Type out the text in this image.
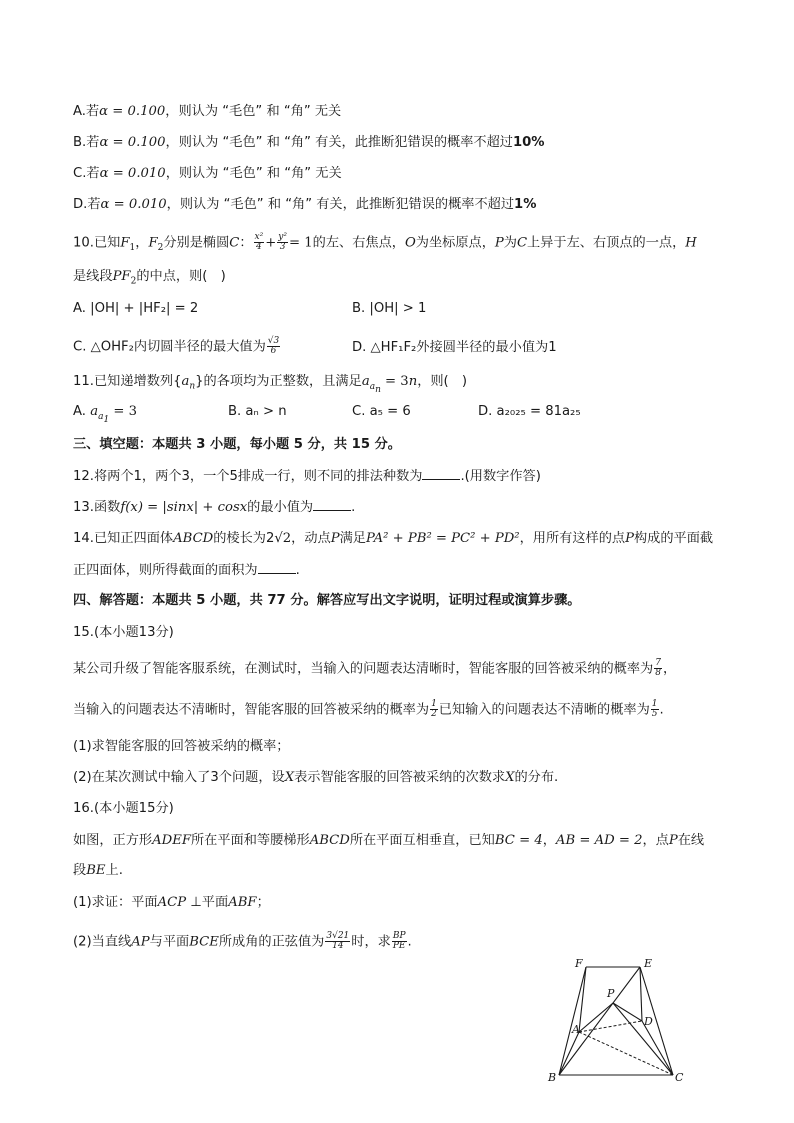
A.若α = 0.100，则认为 “毛色” 和 “角” 无关
B.若α = 0.100，则认为 “毛色” 和 “角” 有关，此推断犯错误的概率不超过10%
C.若α = 0.010，则认为 “毛色” 和 “角” 无关
D.若α = 0.010，则认为 “毛色” 和 “角” 有关，此推断犯错误的概率不超过1%
10.已知$F_1$，$F_2$分别是椭圆C： $\frac{\text{x²}}{4} + \frac{\text{y²}}{3} = 1$的左、右焦点，O为坐标原点，P为C上异于左、右顶点的一点，H
是线段$PF_2$的中点，则(　)
A. |OH| + |HF₂| = 2	B. |OH| > 1
C. △OHF₂内切圆半径的最大值为 $\frac{√3}{6}$	D. △HF₁F₂外接圆半径的最小值为1
11.已知递增数列$\{a_n\}$的各项均为正整数，且满足$a_{a_n} = 3n$，则(　)
A. $a_{a_1} = 3$	B. aₙ > n	C. a₅ = 6	D. a₂₀₂₅ = 81a₂₅
三、填空题：本题共 3 小题，每小题 5 分，共 15 分。
12.将两个1，两个3，一个5排成一行，则不同的排法种数为	.(用数字作答)
13.函数f(x) = |sinx| + cosx的最小值为	.
14.已知正四面体ABCD的棱长为2√2，动点P满足PA² + PB² = PC² + PD²，用所有这样的点P构成的平面截
正四面体，则所得截面的面积为	.
四、解答题：本题共 5 小题，共 77 分。解答应写出文字说明，证明过程或演算步骤。
15.(本小题13分)
某公司升级了智能客服系统，在测试时，当输入的问题表达清晰时，智能客服的回答被采纳的概率为 $\frac{7}{8}$ ，
当输入的问题表达不清晰时，智能客服的回答被采纳的概率为 $\frac{1}{2}$ 已知输入的问题表达不清晰的概率为 $\frac{1}{5}$ .
(1)求智能客服的回答被采纳的概率；
(2)在某次测试中输入了3个问题，设X表示智能客服的回答被采纳的次数求X的分布.
16.(本小题15分)
如图，正方形ADEF所在平面和等腰梯形ABCD所在平面互相垂直，已知BC = 4，AB = AD = 2，点P在线
段BE上.
(1)求证：平面ACP ⊥平面ABF；
(2)当直线AP与平面BCE所成角的正弦值为 $\frac{3√21}{14}$ 时，求 $\frac{BP}{PE}$ .
F	E
P
A
D
B	C
